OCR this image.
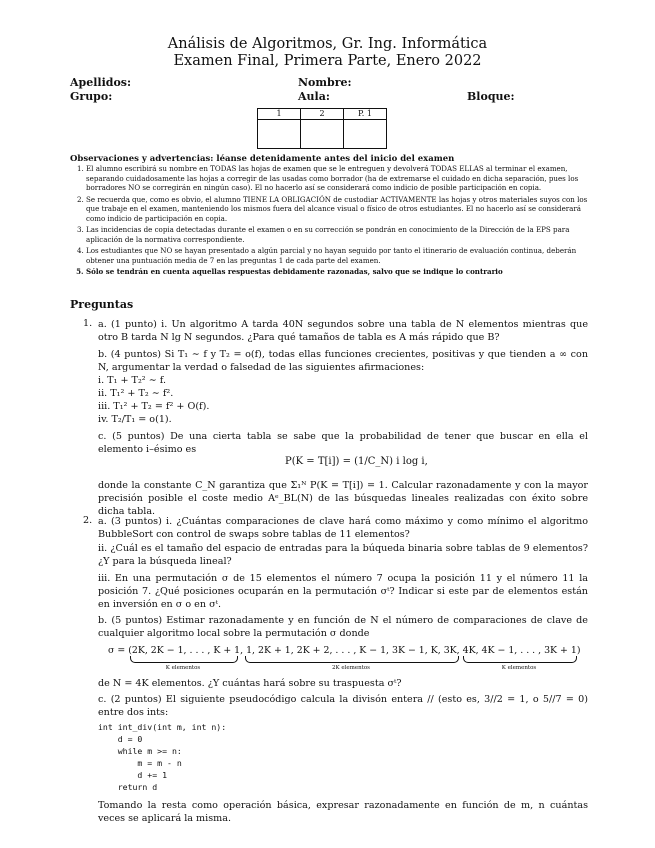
Análisis de Algoritmos, Gr. Ing. Informática
Examen Final, Primera Parte, Enero 2022
Apellidos:	Nombre:
Grupo:	Aula:	Bloque:
1	2	P. 1

Observaciones y advertencias: léanse detenidamente antes del inicio del examen
1. El alumno escribirá su nombre en TODAS las hojas de examen que se le entreguen y devolverá TODAS ELLAS al terminar el examen, separando cuidadosamente las hojas a corregir de las usadas como borrador (ha de extremarse el cuidado en dicha separación, pues los borradores NO se corregirán en ningún caso). El no hacerlo así se considerará como indicio de posible participación en copia.
2. Se recuerda que, como es obvio, el alumno TIENE LA OBLIGACIÓN de custodiar ACTIVAMENTE las hojas y otros materiales suyos con los que trabaje en el examen, manteniendo los mismos fuera del alcance visual o físico de otros estudiantes. El no hacerlo así se considerará como indicio de participación en copia.
3. Las incidencias de copia detectadas durante el examen o en su corrección se pondrán en conocimiento de la Dirección de la EPS para aplicación de la normativa correspondiente.
4. Los estudiantes que NO se hayan presentado a algún parcial y no hayan seguido por tanto el itinerario de evaluación continua, deberán obtener una puntuación media de 7 en las preguntas 1 de cada parte del examen.
5. Sólo se tendrán en cuenta aquellas respuestas debidamente razonadas, salvo que se indique lo contrario
Preguntas
1. a. (1 punto) i. Un algoritmo A tarda 40N segundos sobre una tabla de N elementos mientras que otro B tarda N lg N segundos. ¿Para qué tamaños de tabla es A más rápido que B?
b. (4 puntos) Si T₁ ∼ f y T₂ = o(f), todas ellas funciones crecientes, positivas y que tienden a ∞ con N, argumentar la verdad o falsedad de las siguientes afirmaciones:
i. T₁ + T₂² ∼ f.
ii. T₁² + T₂ ∼ f².
iii. T₁² + T₂ = f² + O(f).
iv. T₂/T₁ = o(1).
c. (5 puntos) De una cierta tabla se sabe que la probabilidad de tener que buscar en ella el elemento i–ésimo es
P(K = T[i]) = (1/C_N) i log i,
donde la constante C_N garantiza que Σ₁ᴺ P(K = T[i]) = 1. Calcular razonadamente y con la mayor precisión posible el coste medio Aᵉ_BL(N) de las búsquedas lineales realizadas con éxito sobre dicha tabla.
2. a. (3 puntos) i. ¿Cuántas comparaciones de clave hará como máximo y como mínimo el algoritmo BubbleSort con control de swaps sobre tablas de 11 elementos?
ii. ¿Cuál es el tamaño del espacio de entradas para la búqueda binaria sobre tablas de 9 elementos? ¿Y para la búsqueda lineal?
iii. En una permutación σ de 15 elementos el número 7 ocupa la posición 11 y el número 11 la posición 7. ¿Qué posiciones ocuparán en la permutación σᵗ? Indicar si este par de elementos están en inversión en σ o en σᵗ.
b. (5 puntos) Estimar razonadamente y en función de N el número de comparaciones de clave de cualquier algoritmo local sobre la permutación σ donde
σ = (2K, 2K − 1, . . . , K + 1, 1, 2K + 1, 2K + 2, . . . , K − 1, 3K − 1, K, 3K, 4K, 4K − 1, . . . , 3K + 1)
K elementos	2K elementos	K elementos
de N = 4K elementos. ¿Y cuántas hará sobre su traspuesta σᵗ?
c. (2 puntos) El siguiente pseudocódigo calcula la divisón entera // (esto es, 3//2 = 1, o 5//7 = 0) entre dos ints:
int int_div(int m, int n):
d = 0
while m >= n:
m = m - n
d += 1
return d
Tomando la resta como operación básica, expresar razonadamente en función de m, n cuántas veces se aplicará la misma.
